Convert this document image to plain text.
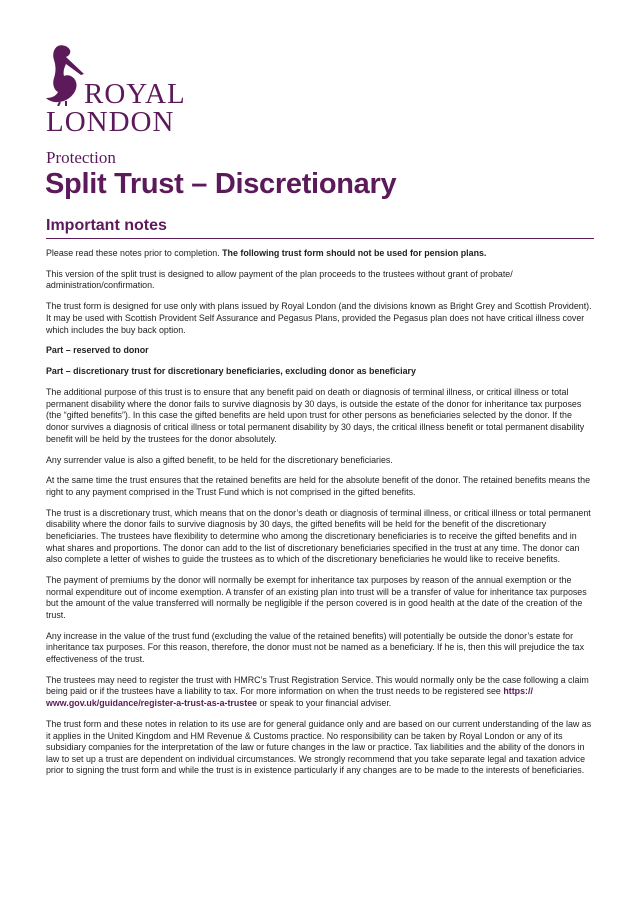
ROYAL
LONDON
Protection
Split Trust – Discretionary
Important notes

Please read these notes prior to completion. The following trust form should not be used for pension plans.

This version of the split trust is designed to allow payment of the plan proceeds to the trustees without grant of probate/ administration/confirmation.

The trust form is designed for use only with plans issued by Royal London (and the divisions known as Bright Grey and Scottish Provident). It may be used with Scottish Provident Self Assurance and Pegasus Plans, provided the Pegasus plan does not have critical illness cover which includes the buy back option.

Part – reserved to donor

Part – discretionary trust for discretionary beneficiaries, excluding donor as beneficiary

The additional purpose of this trust is to ensure that any benefit paid on death or diagnosis of terminal illness, or critical illness or total permanent disability where the donor fails to survive diagnosis by 30 days, is outside the estate of the donor for inheritance tax purposes (the “gifted benefits”). In this case the gifted benefits are held upon trust for other persons as beneficiaries selected by the donor. If the donor survives a diagnosis of critical illness or total permanent disability by 30 days, the critical illness benefit or total permanent disability benefit will be held by the trustees for the donor absolutely.

Any surrender value is also a gifted benefit, to be held for the discretionary beneficiaries.

At the same time the trust ensures that the retained benefits are held for the absolute benefit of the donor. The retained benefits means the right to any payment comprised in the Trust Fund which is not comprised in the gifted benefits.

The trust is a discretionary trust, which means that on the donor’s death or diagnosis of terminal illness, or critical illness or total permanent disability where the donor fails to survive diagnosis by 30 days, the gifted benefits will be held for the benefit of the discretionary beneficiaries. The trustees have flexibility to determine who among the discretionary beneficiaries is to receive the gifted benefits and in what shares and proportions. The donor can add to the list of discretionary beneficiaries specified in the trust at any time. The donor can also complete a letter of wishes to guide the trustees as to which of the discretionary beneficiaries he would like to receive benefits.

The payment of premiums by the donor will normally be exempt for inheritance tax purposes by reason of the annual exemption or the normal expenditure out of income exemption. A transfer of an existing plan into trust will be a transfer of value for inheritance tax purposes but the amount of the value transferred will normally be negligible if the person covered is in good health at the date of the creation of the trust.

Any increase in the value of the trust fund (excluding the value of the retained benefits) will potentially be outside the donor’s estate for inheritance tax purposes. For this reason, therefore, the donor must not be named as a beneficiary. If he is, then this will prejudice the tax effectiveness of the trust.

The trustees may need to register the trust with HMRC’s Trust Registration Service. This would normally only be the case following a claim being paid or if the trustees have a liability to tax. For more information on when the trust needs to be registered see https:// www.gov.uk/guidance/register-a-trust-as-a-trustee or speak to your financial adviser.

The trust form and these notes in relation to its use are for general guidance only and are based on our current understanding of the law as it applies in the United Kingdom and HM Revenue & Customs practice. No responsibility can be taken by Royal London or any of its subsidiary companies for the interpretation of the law or future changes in the law or practice. Tax liabilities and the ability of the donors in law to set up a trust are dependent on individual circumstances. We strongly recommend that you take separate legal and taxation advice prior to signing the trust form and while the trust is in existence particularly if any changes are to be made to the interests of beneficiaries.
